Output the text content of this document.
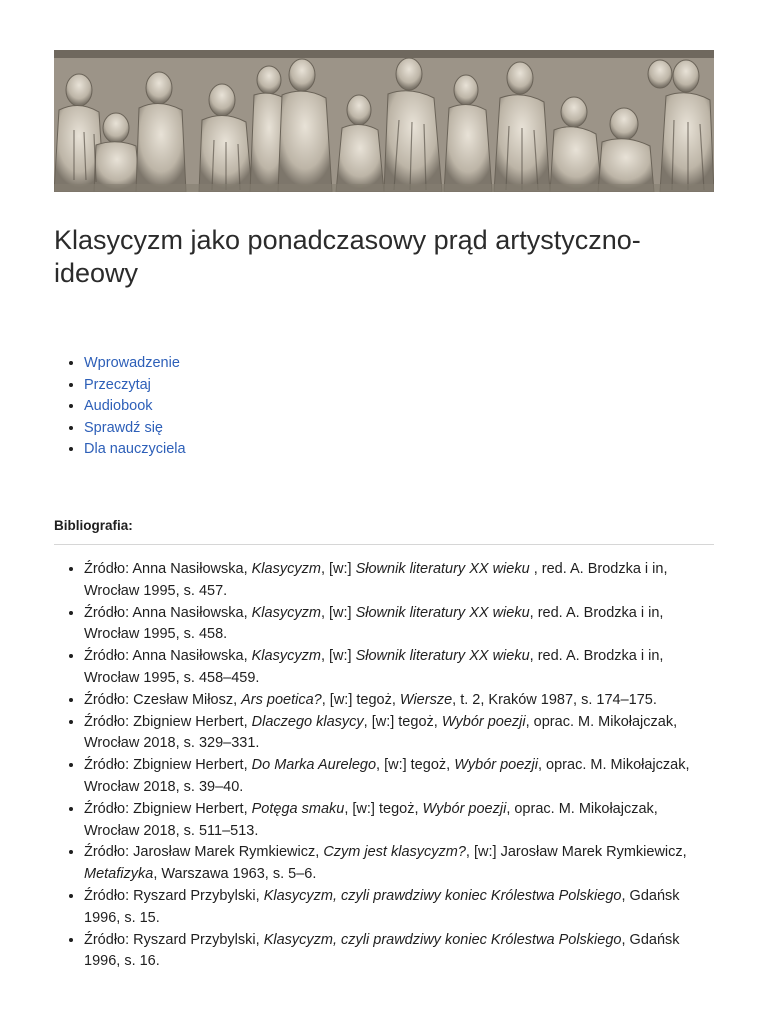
Klasycyzm jako ponadczasowy prąd artystyczno-ideowy
• Wprowadzenie
• Przeczytaj
• Audiobook
• Sprawdź się
• Dla nauczyciela
Bibliografia:
• Źródło: Anna Nasiłowska, Klasycyzm, [w:] Słownik literatury XX wieku , red. A. Brodzka i in, Wrocław 1995, s. 457.
• Źródło: Anna Nasiłowska, Klasycyzm, [w:] Słownik literatury XX wieku, red. A. Brodzka i in, Wrocław 1995, s. 458.
• Źródło: Anna Nasiłowska, Klasycyzm, [w:] Słownik literatury XX wieku, red. A. Brodzka i in, Wrocław 1995, s. 458–459.
• Źródło: Czesław Miłosz, Ars poetica?, [w:] tegoż, Wiersze, t. 2, Kraków 1987, s. 174–175.
• Źródło: Zbigniew Herbert, Dlaczego klasycy, [w:] tegoż, Wybór poezji, oprac. M. Mikołajczak, Wrocław 2018, s. 329–331.
• Źródło: Zbigniew Herbert, Do Marka Aurelego, [w:] tegoż, Wybór poezji, oprac. M. Mikołajczak, Wrocław 2018, s. 39–40.
• Źródło: Zbigniew Herbert, Potęga smaku, [w:] tegoż, Wybór poezji, oprac. M. Mikołajczak, Wrocław 2018, s. 511–513.
• Źródło: Jarosław Marek Rymkiewicz, Czym jest klasycyzm?, [w:] Jarosław Marek Rymkiewicz, Metafizyka, Warszawa 1963, s. 5–6.
• Źródło: Ryszard Przybylski, Klasycyzm, czyli prawdziwy koniec Królestwa Polskiego, Gdańsk 1996, s. 15.
• Źródło: Ryszard Przybylski, Klasycyzm, czyli prawdziwy koniec Królestwa Polskiego, Gdańsk 1996, s. 16.
